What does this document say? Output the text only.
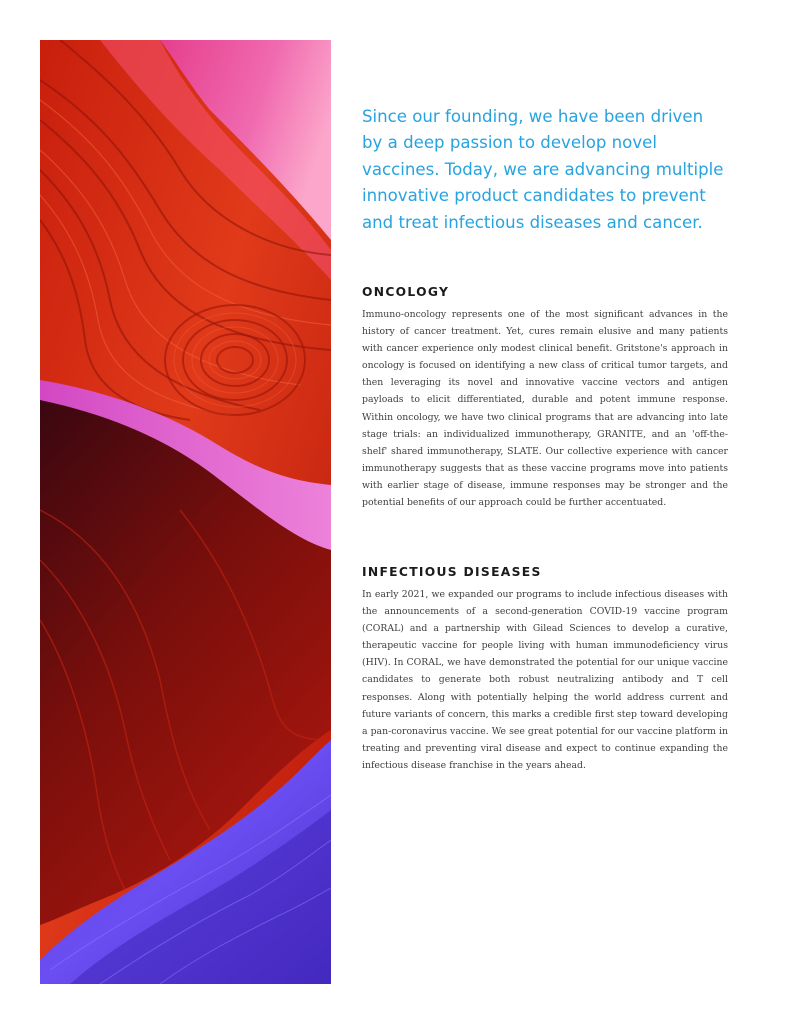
Since our founding, we have been driven by a deep passion to develop novel vaccines. Today, we are advancing multiple innovative product candidates to prevent and treat infectious diseases and cancer.

ONCOLOGY

Immuno-oncology represents one of the most significant advances in the history of cancer treatment. Yet, cures remain elusive and many patients with cancer experience only modest clinical benefit. Gritstone's approach in oncology is focused on identifying a new class of critical tumor targets, and then leveraging its novel and innovative vaccine vectors and antigen payloads to elicit differentiated, durable and potent immune response. Within oncology, we have two clinical programs that are advancing into late stage trials: an individualized immunotherapy, GRANITE, and an 'off-the-shelf' shared immunotherapy, SLATE. Our collective experience with cancer immunotherapy suggests that as these vaccine programs move into patients with earlier stage of disease, immune responses may be stronger and the potential benefits of our approach could be further accentuated.

INFECTIOUS DISEASES

In early 2021, we expanded our programs to include infectious diseases with the announcements of a second-generation COVID-19 vaccine program (CORAL) and a partnership with Gilead Sciences to develop a curative, therapeutic vaccine for people living with human immunodeficiency virus (HIV). In CORAL, we have demonstrated the potential for our unique vaccine candidates to generate both robust neutralizing antibody and T cell responses. Along with potentially helping the world address current and future variants of concern, this marks a credible first step toward developing a pan-coronavirus vaccine. We see great potential for our vaccine platform in treating and preventing viral disease and expect to continue expanding the infectious disease franchise in the years ahead.
